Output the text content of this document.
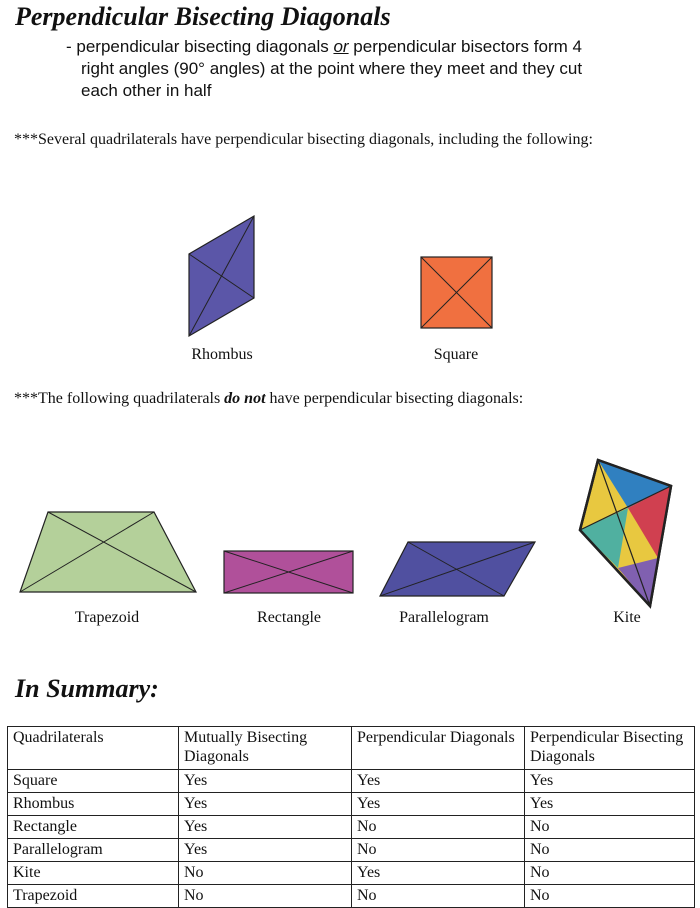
Perpendicular Bisecting Diagonals
- perpendicular bisecting diagonals or perpendicular bisectors form 4
right angles (90° angles) at the point where they meet and they cut
each other in half
***Several quadrilaterals have perpendicular bisecting diagonals, including the following:
Rhombus	Square
***The following quadrilaterals do not have perpendicular bisecting diagonals:
Trapezoid	Rectangle	Parallelogram	Kite
In Summary:
Quadrilaterals	Mutually Bisecting Diagonals	Perpendicular Diagonals	Perpendicular Bisecting Diagonals
Square	Yes	Yes	Yes
Rhombus	Yes	Yes	Yes
Rectangle	Yes	No	No
Parallelogram	Yes	No	No
Kite	No	Yes	No
Trapezoid	No	No	No
